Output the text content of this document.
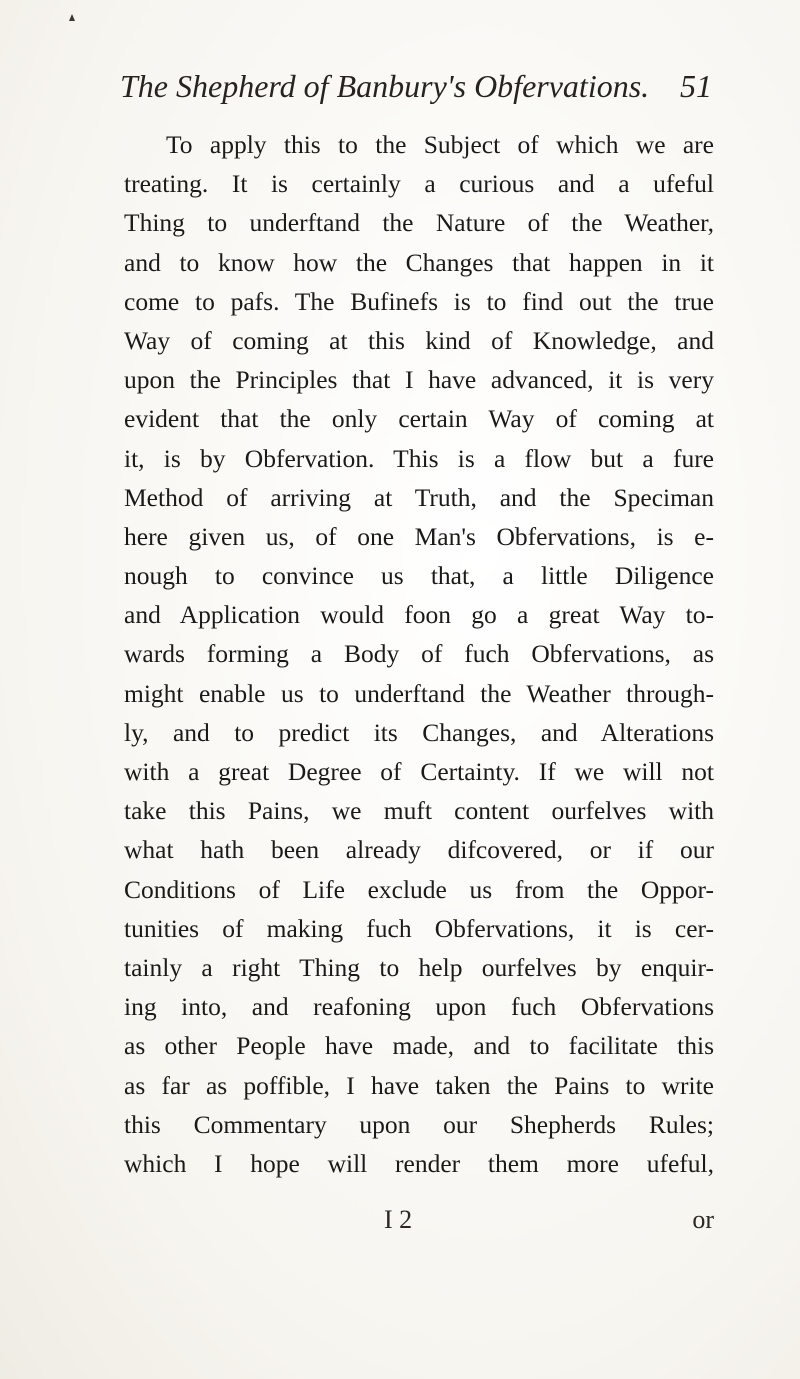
The Shepherd of Banbury's Obfervations. 51
To apply this to the Subject of which we are
treating. It is certainly a curious and a ufeful
Thing to underftand the Nature of the Weather,
and to know how the Changes that happen in it
come to pafs. The Bufinefs is to find out the true
Way of coming at this kind of Knowledge, and
upon the Principles that I have advanced, it is very
evident that the only certain Way of coming at
it, is by Obfervation. This is a flow but a fure
Method of arriving at Truth, and the Speciman
here given us, of one Man's Obfervations, is e-
nough to convince us that, a little Diligence
and Application would foon go a great Way to-
wards forming a Body of fuch Obfervations, as
might enable us to underftand the Weather through-
ly, and to predict its Changes, and Alterations
with a great Degree of Certainty. If we will not
take this Pains, we muft content ourfelves with
what hath been already difcovered, or if our
Conditions of Life exclude us from the Oppor-
tunities of making fuch Obfervations, it is cer-
tainly a right Thing to help ourfelves by enquir-
ing into, and reafoning upon fuch Obfervations
as other People have made, and to facilitate this
as far as poffible, I have taken the Pains to write
this Commentary upon our Shepherds Rules;
which I hope will render them more ufeful,
I 2	or
